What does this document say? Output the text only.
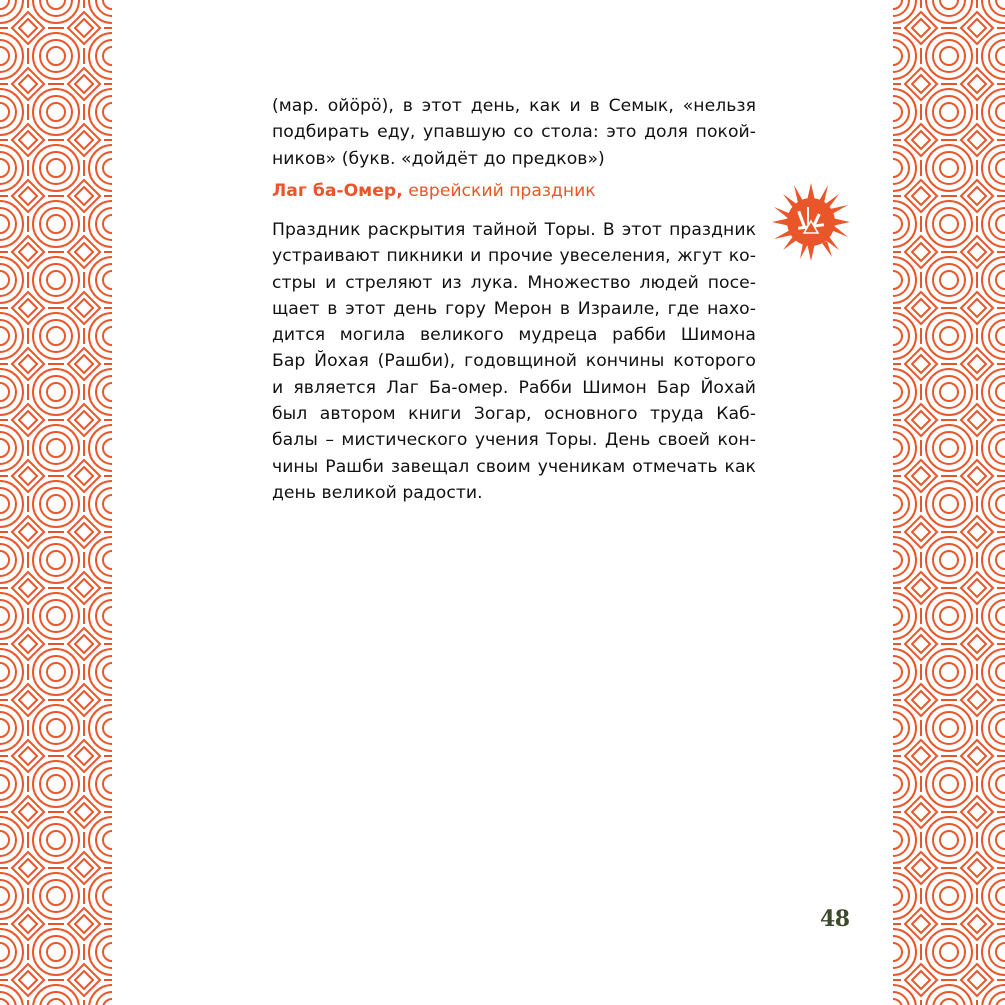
(мар. ойӧрӧ), в этот день, как и в Семык, «нельзя
подбирать еду, упавшую со стола: это доля покой-
ников» (букв. «дойдёт до предков»)
Лаг ба-Омер, еврейский праздник
Праздник раскрытия тайной Торы. В этот праздник
устраивают пикники и прочие увеселения, жгут ко-
стры и стреляют из лука. Множество людей посе-
щает в этот день гору Мерон в Израиле, где нахо-
дится могила великого мудреца рабби Шимона
Бар Йохая (Рашби), годовщиной кончины которого
и является Лаг Ба-омер. Рабби Шимон Бар Йохай
был автором книги Зогар, основного труда Каб-
балы – мистического учения Торы. День своей кон-
чины Рашби завещал своим ученикам отмечать как
день великой радости.
48
